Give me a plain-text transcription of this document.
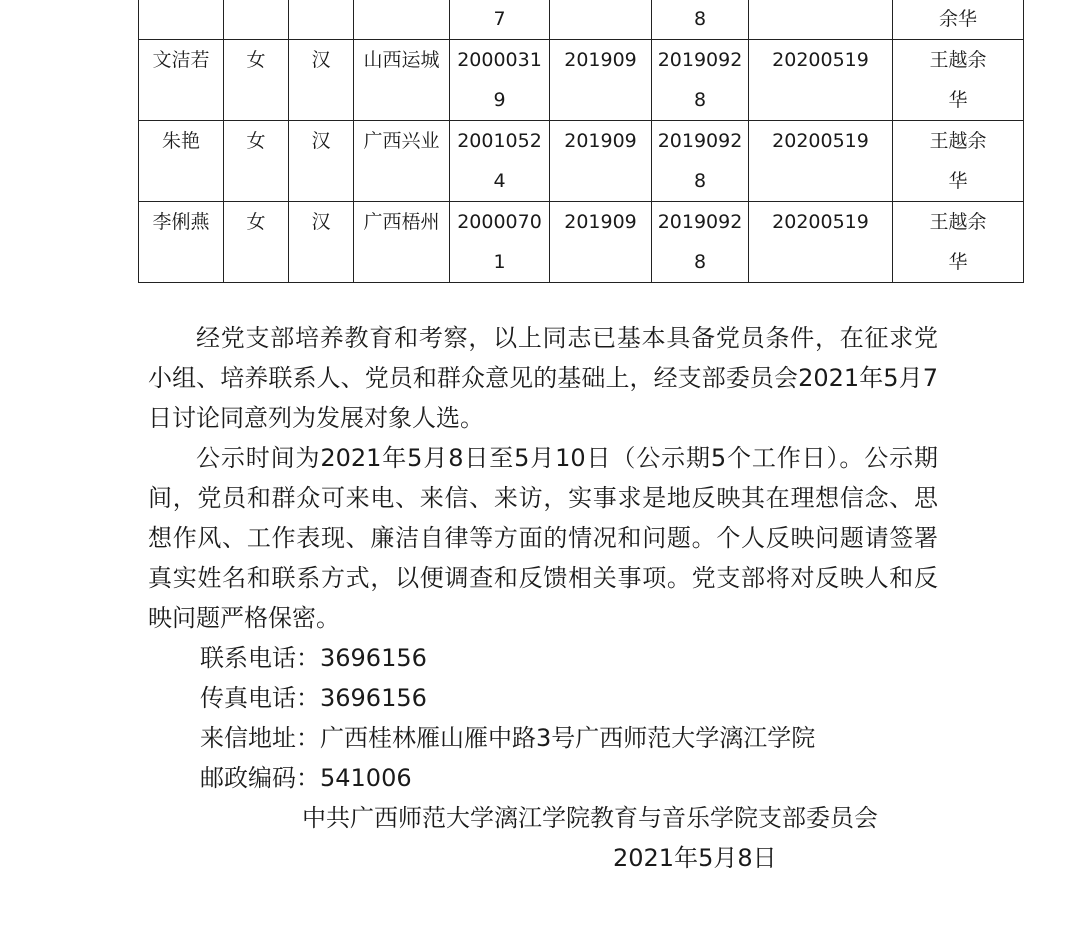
				7		8		余华
文洁若	女	汉	山西运城	20000319	201909	20190928	20200519	王越余华
朱艳	女	汉	广西兴业	20010524	201909	20190928	20200519	王越余华
李俐燕	女	汉	广西梧州	20000701	201909	20190928	20200519	王越余华

经党支部培养教育和考察，以上同志已基本具备党员条件，在征求党小组、培养联系人、党员和群众意见的基础上，经支部委员会2021年5月7日讨论同意列为发展对象人选。

公示时间为2021年5月8日至5月10日（公示期5个工作日）。公示期间，党员和群众可来电、来信、来访，实事求是地反映其在理想信念、思想作风、工作表现、廉洁自律等方面的情况和问题。个人反映问题请签署真实姓名和联系方式，以便调查和反馈相关事项。党支部将对反映人和反映问题严格保密。

联系电话：3696156
传真电话：3696156
来信地址：广西桂林雁山雁中路3号广西师范大学漓江学院
邮政编码：541006
中共广西师范大学漓江学院教育与音乐学院支部委员会
2021年5月8日
